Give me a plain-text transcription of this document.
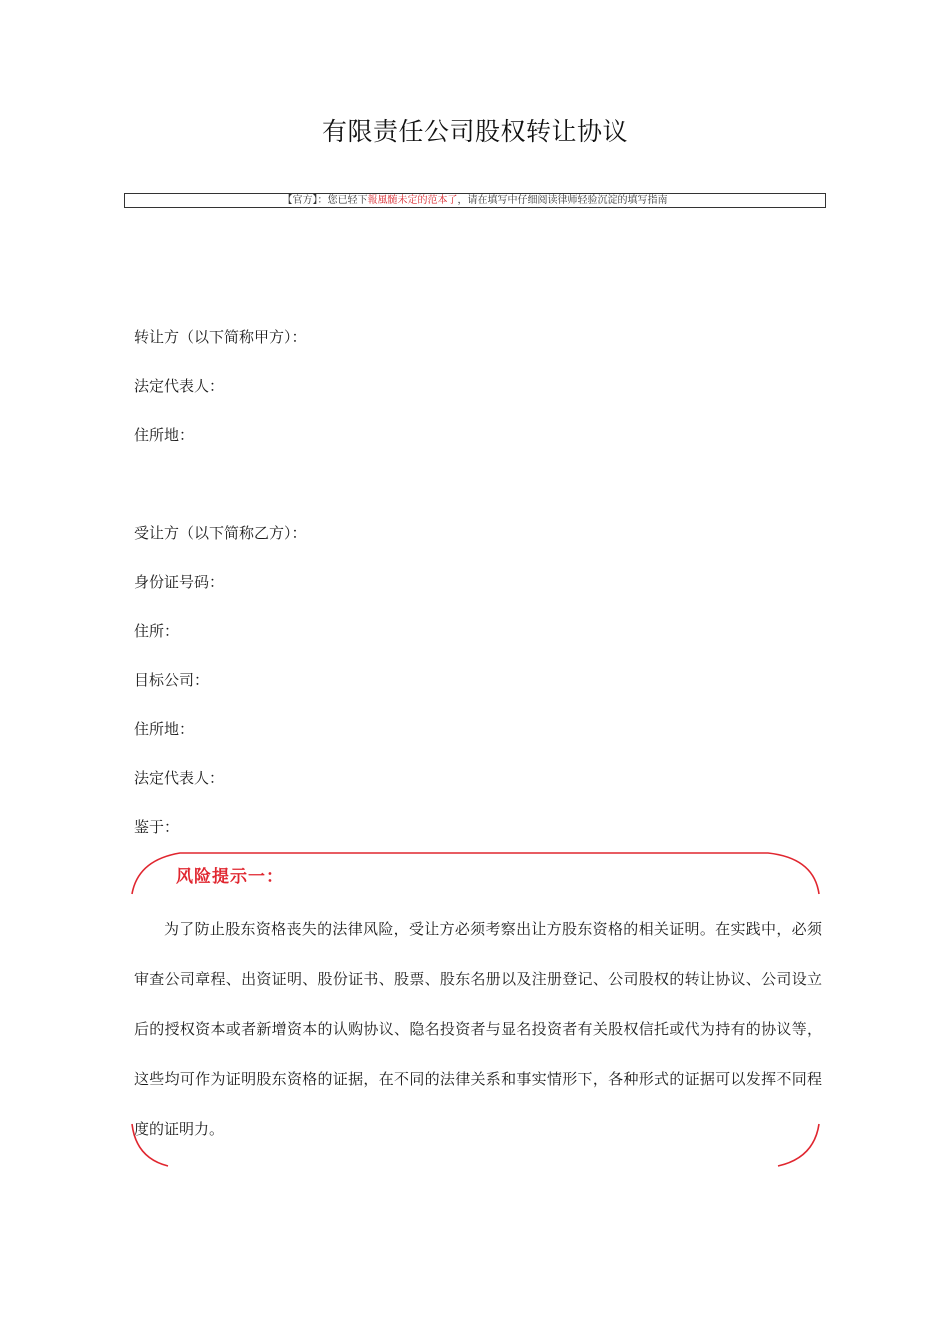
有限责任公司股权转让协议
【官方】：您已轻下報風髄未定的范本了，请在填写中仔细阅读律师轻验沉淀的填写指南
转让方（以下简称甲方）：
法定代表人：
住所地：
受让方（以下简称乙方）：
身份证号码：
住所：
目标公司：
住所地：
法定代表人：
鉴于：
风险提示一：
为了防止股东资格丧失的法律风险，受让方必须考察出让方股东资格的相关证明。在实践中，必须审查公司章程、出资证明、股份证书、股票、股东名册以及注册登记、公司股权的转让协议、公司设立后的授权资本或者新增资本的认购协议、隐名投资者与显名投资者有关股权信托或代为持有的协议等，这些均可作为证明股东资格的证据，在不同的法律关系和事实情形下，各种形式的证据可以发挥不同程度的证明力。
